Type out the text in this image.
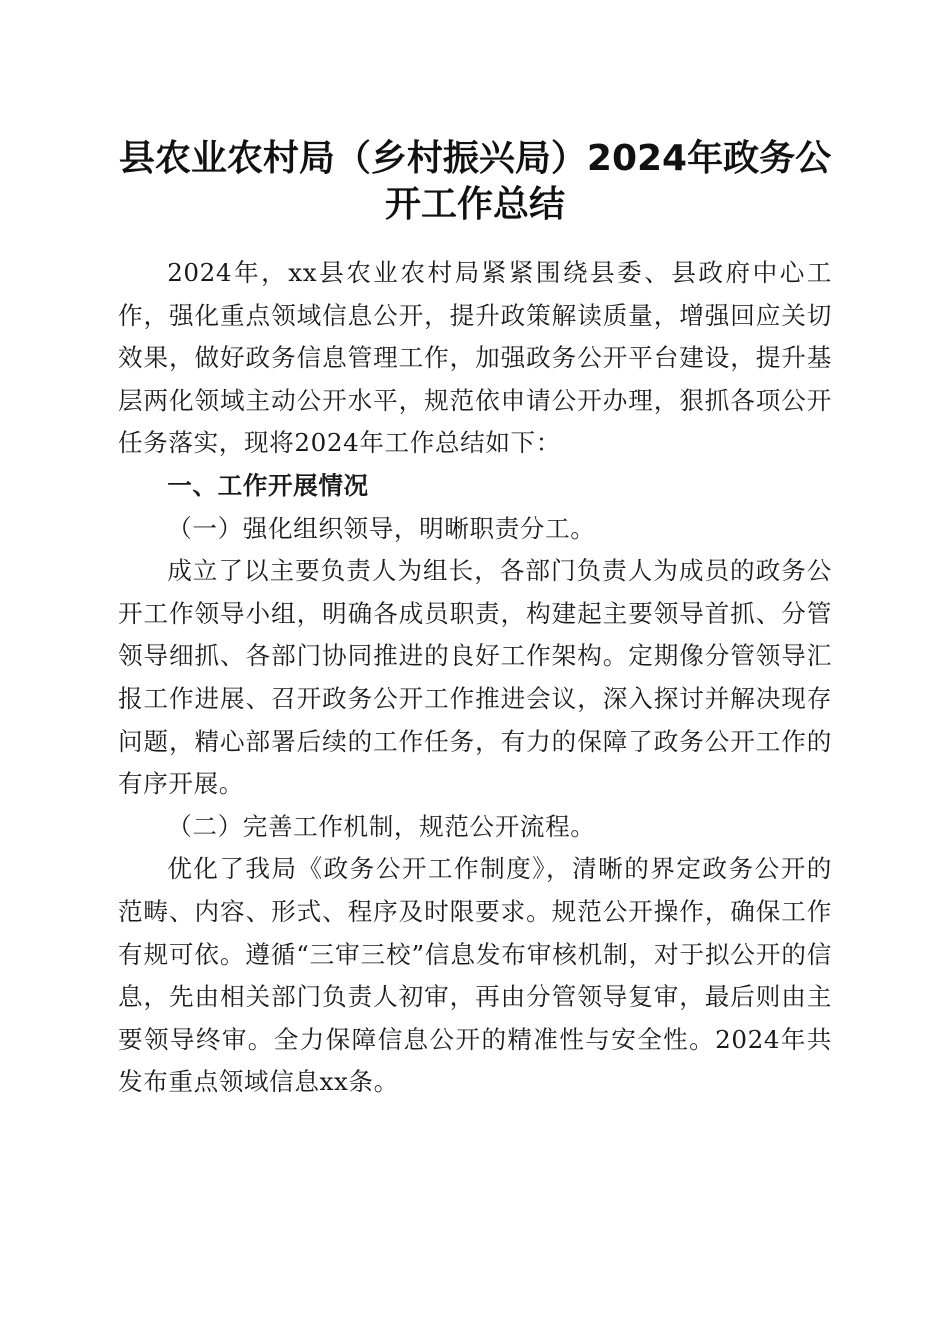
县农业农村局（乡村振兴局）2024年政务公
开工作总结

2024年，xx县农业农村局紧紧围绕县委、县政府中心工作，强化重点领域信息公开，提升政策解读质量，增强回应关切效果，做好政务信息管理工作，加强政务公开平台建设，提升基层两化领域主动公开水平，规范依申请公开办理，狠抓各项公开任务落实，现将2024年工作总结如下：

一、工作开展情况

（一）强化组织领导，明晰职责分工。

成立了以主要负责人为组长，各部门负责人为成员的政务公开工作领导小组，明确各成员职责，构建起主要领导首抓、分管领导细抓、各部门协同推进的良好工作架构。定期像分管领导汇报工作进展、召开政务公开工作推进会议，深入探讨并解决现存问题，精心部署后续的工作任务，有力的保障了政务公开工作的有序开展。

（二）完善工作机制，规范公开流程。

优化了我局《政务公开工作制度》，清晰的界定政务公开的范畴、内容、形式、程序及时限要求。规范公开操作，确保工作有规可依。遵循“三审三校”信息发布审核机制，对于拟公开的信息，先由相关部门负责人初审，再由分管领导复审，最后则由主要领导终审。全力保障信息公开的精准性与安全性。2024年共发布重点领域信息xx条。
